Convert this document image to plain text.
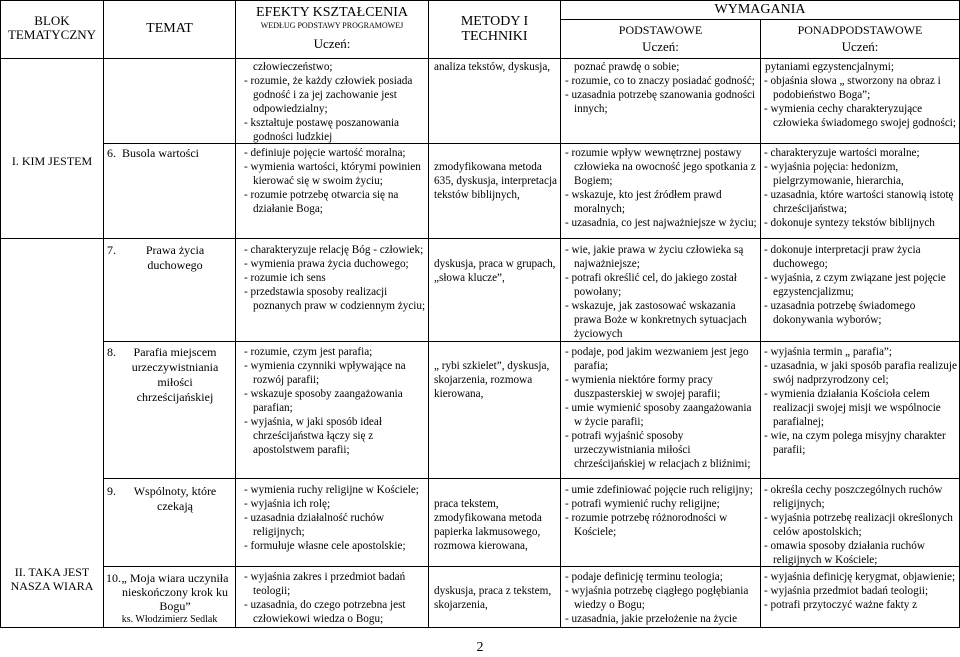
BLOK TEMATYCZNY	TEMAT
EFEKTY KSZTAŁCENIA
WEDŁUG PODSTAWY PROGRAMOWEJ
Uczeń:
METODY I TECHNIKI
WYMAGANIA
PODSTAWOWE
Uczeń:
PONADPODSTAWOWE
Uczeń:
I. KIM JESTEM
II. TAKA JEST NASZA WIARA
człowieczeństwo;
- rozumie, że każdy człowiek posiada godność i za jej zachowanie jest odpowiedzialny;
- kształtuje postawę poszanowania godności ludzkiej
analiza tekstów, dyskusja,	poznać prawdę o sobie;
- rozumie, co to znaczy posiadać godność;
- uzasadnia potrzebę szanowania godności innych;
pytaniami egzystencjalnymi;
- objaśnia słowa „ stworzony na obraz i podobieństwo Boga”;
- wymienia cechy charakteryzujące człowieka świadomego swojej godności;
6. Busola wartości
-	definiuje pojęcie wartość moralna;
- wymienia wartości, którymi powinien kierować się w swoim życiu;
- rozumie potrzebę otwarcia się na działanie Boga;
zmodyfikowana metoda 635, dyskusja, interpretacja tekstów biblijnych,
- rozumie wpływ wewnętrznej postawy człowieka na owocność jego spotkania z Bogiem;
- wskazuje, kto jest źródłem prawd moralnych;
- uzasadnia, co jest najważniejsze w życiu;
- charakteryzuje wartości moralne;
- wyjaśnia pojęcia: hedonizm, pielgrzymowanie, hierarchia,
- uzasadnia, które wartości stanowią istotę chrześcijaństwa;
- dokonuje syntezy tekstów biblijnych
7.	Prawa życia duchowego
- charakteryzuje relację Bóg - człowiek;
- wymienia prawa życia duchowego;
- rozumie ich sens
- przedstawia sposoby realizacji poznanych praw w codziennym życiu;
dyskusja, praca w grupach, „słowa klucze”,
- wie, jakie prawa w życiu człowieka są najważniejsze;
- potrafi określić cel, do jakiego został powołany;
- wskazuje, jak zastosować wskazania prawa Boże w konkretnych sytuacjach życiowych
- dokonuje interpretacji praw życia duchowego;
- wyjaśnia, z czym związane jest pojęcie egzystencjalizmu;
- uzasadnia potrzebę świadomego dokonywania wyborów;
8.	Parafia miejscem urzeczywistniania miłości chrześcijańskiej
- rozumie, czym jest parafia;
- wymienia czynniki wpływające na rozwój parafii;
- wskazuje sposoby zaangażowania parafian;
- wyjaśnia, w jaki sposób ideał chrześcijaństwa łączy się z apostolstwem parafii;
„ rybi szkielet”, dyskusja, skojarzenia, rozmowa kierowana,
- podaje, pod jakim wezwaniem jest jego parafia;
- wymienia niektóre formy pracy duszpasterskiej w swojej parafii;
- umie wymienić sposoby zaangażowania w życie parafii;
- potrafi wyjaśnić sposoby urzeczywistniania miłości chrześcijańskiej w relacjach z bliźnimi;
- wyjaśnia termin „ parafia”;
- uzasadnia, w jaki sposób parafia realizuje swój nadprzyrodzony cel;
- wymienia działania Kościoła celem realizacji swojej misji we wspólnocie parafialnej;
- wie, na czym polega misyjny charakter parafii;
9.	Wspólnoty, które czekają
- wymienia ruchy religijne w Kościele;
- wyjaśnia ich rolę;
- uzasadnia działalność ruchów religijnych;
- formułuje własne cele apostolskie;
praca tekstem, zmodyfikowana metoda papierka lakmusowego, rozmowa kierowana,
- umie zdefiniować pojęcie ruch religijny;
- potrafi wymienić ruchy religijne;
- rozumie potrzebę różnorodności w Kościele;
- określa cechy poszczególnych ruchów religijnych;
- wyjaśnia potrzebę realizacji określonych celów apostolskich;
- omawia sposoby działania ruchów religijnych w Kościele;
10. „ Moja wiara uczyniła nieskończony krok ku Bogu”
ks. Włodzimierz Sedlak
- wyjaśnia zakres i przedmiot badań teologii;
- uzasadnia, do czego potrzebna jest człowiekowi wiedza o Bogu;
dyskusja, praca z tekstem, skojarzenia,
- podaje definicję terminu teologia;
- wyjaśnia potrzebę ciągłego pogłębiania wiedzy o Bogu;
- uzasadnia, jakie przełożenie na życie
- wyjaśnia definicję kerygmat, objawienie;
- wyjaśnia przedmiot badań teologii;
- potrafi przytoczyć ważne fakty z
2
